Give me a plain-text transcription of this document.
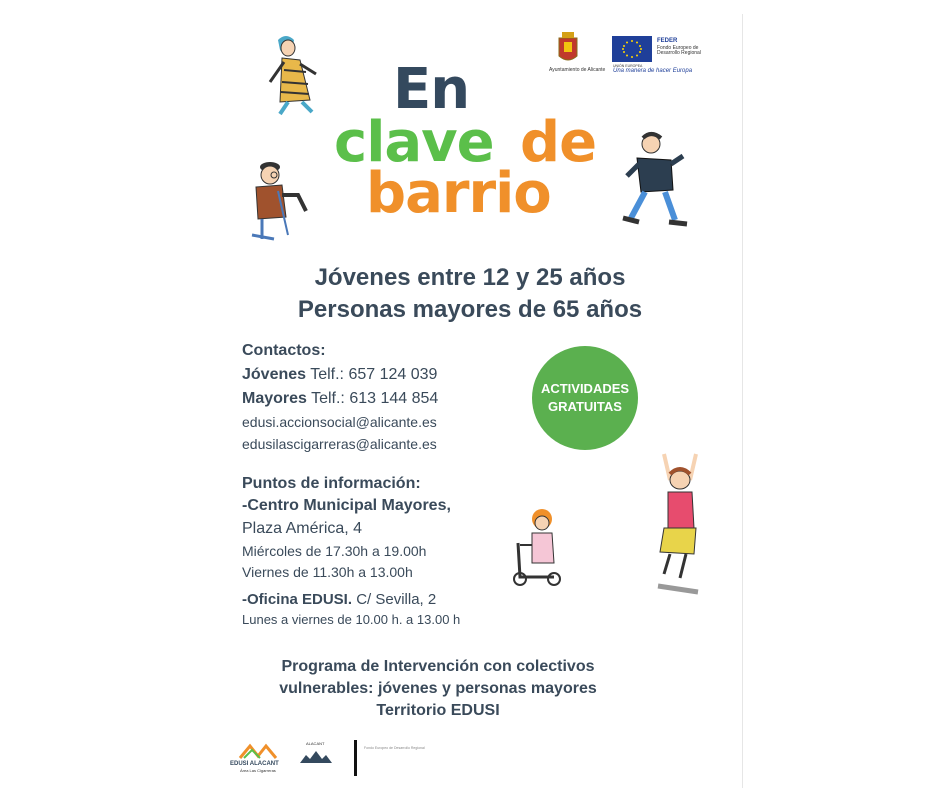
Ayuntamiento de Alicante
UNIÓN EUROPEA
FEDER
Fondo Europeo de Desarrollo Regional
Una manera de hacer Europa
En
clave de
barrio
Jóvenes entre 12 y 25 años
Personas mayores de 65 años
Contactos:
Jóvenes Telf.: 657 124 039
Mayores Telf.: 613 144 854
edusi.accionsocial@alicante.es
edusilascigarreras@alicante.es
ACTIVIDADES
GRATUITAS
Puntos de información:
-Centro Municipal Mayores,
Plaza América, 4
Miércoles de 17.30h a 19.00h
Viernes de 11.30h a 13.00h
-Oficina EDUSI. C/ Sevilla, 2
Lunes a viernes de 10.00 h. a 13.00 h
Programa de Intervención con colectivos
vulnerables: jóvenes y personas mayores
Territorio EDUSI
EDUSI ALACANT
Área Las Cigarreras
ALACANT
Fondo Europeo de Desarrollo Regional
